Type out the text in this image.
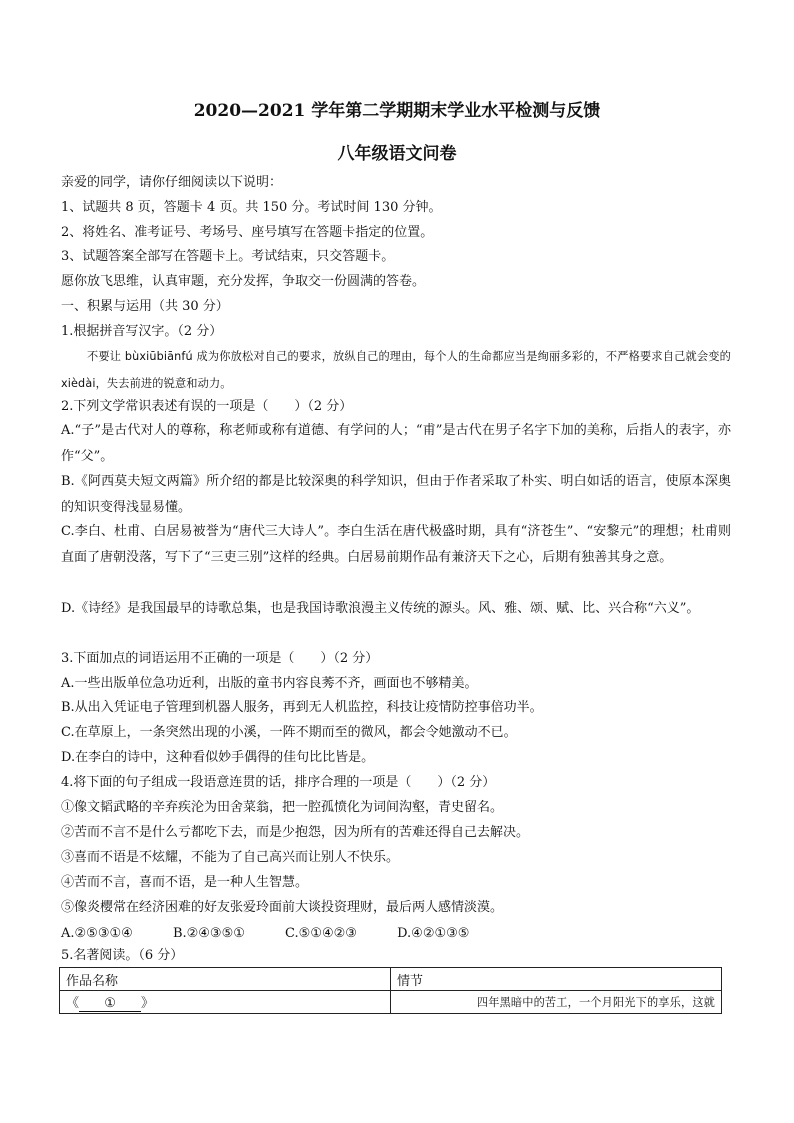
2020—2021 学年第二学期期末学业水平检测与反馈
八年级语文问卷
亲爱的同学，请你仔细阅读以下说明：
1、试题共 8 页，答题卡 4 页。共 150 分。考试时间 130 分钟。
2、将姓名、准考证号、考场号、座号填写在答题卡指定的位置。
3、试题答案全部写在答题卡上。考试结束，只交答题卡。
愿你放飞思维，认真审题，充分发挥，争取交一份圆满的答卷。
一、积累与运用（共 30 分）
1.根据拼音写汉字。（2 分）
不要让 bùxiūbiānfú 成为你放松对自己的要求，放纵自己的理由，每个人的生命都应当是绚丽多彩的，不严格要求自己就会变的 xièdài，失去前进的锐意和动力。
2.下列文学常识表述有误的一项是（　　）（2 分）
A.“子”是古代对人的尊称，称老师或称有道德、有学问的人；“甫”是古代在男子名字下加的美称，后指人的表字，亦作“父”。
B.《阿西莫夫短文两篇》所介绍的都是比较深奥的科学知识，但由于作者采取了朴实、明白如话的语言，使原本深奥的知识变得浅显易懂。
C.李白、杜甫、白居易被誉为“唐代三大诗人”。李白生活在唐代极盛时期，具有“济苍生”、“安黎元”的理想；杜甫则直面了唐朝没落，写下了“三吏三别”这样的经典。白居易前期作品有兼济天下之心，后期有独善其身之意。
D.《诗经》是我国最早的诗歌总集，也是我国诗歌浪漫主义传统的源头。风、雅、颂、赋、比、兴合称“六义”。
3.下面加点的词语运用不正确的一项是（　　）（2 分）
A.一些出版单位急功近利，出版的童书内容良莠不齐，画面也不够精美。
B.从出入凭证电子管理到机器人服务，再到无人机监控，科技让疫情防控事倍功半。
C.在草原上，一条突然出现的小溪，一阵不期而至的微风，都会令她激动不已。
D.在李白的诗中，这种看似妙手偶得的佳句比比皆是。
4.将下面的句子组成一段语意连贯的话，排序合理的一项是（　　）（2 分）
①像文韬武略的辛弃疾沦为田舍菜翁，把一腔孤愤化为词间沟壑，青史留名。
②苦而不言不是什么亏都吃下去，而是少抱怨，因为所有的苦难还得自己去解决。
③喜而不语是不炫耀，不能为了自己高兴而让别人不快乐。
④苦而不言，喜而不语，是一种人生智慧。
⑤像炎樱常在经济困难的好友张爱玲面前大谈投资理财，最后两人感情淡漠。
A.②⑤③①④	B.②④③⑤①	C.⑤①④②③	D.④②①③⑤
5.名著阅读。（6 分）
作品名称	情节
《 ① 》	四年黑暗中的苦工，一个月阳光下的享乐，这就
